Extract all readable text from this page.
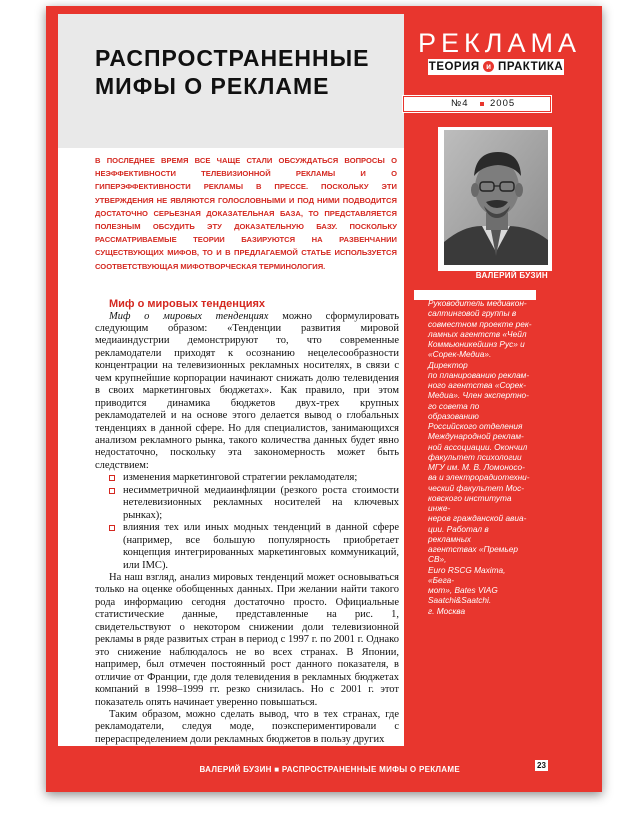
РАСПРОСТРАНЕННЫЕ
МИФЫ О РЕКЛАМЕ
РЕКЛАМА
ТЕОРИЯ и ПРАКТИКА
№4 2005
ВАЛЕРИЙ БУЗИН

Руководитель медиакон-
салтинговой группы в
совместном проекте рек-
ламных агентств «Чейл
Коммьюникейшнз Рус» и
«Сорек-Медиа». Директор
по планированию реклам-
ного агентства «Сорек-
Медиа». Член экспертно-
го совета по образованию
Российского отделения
Международной реклам-
ной ассоциации. Окончил
факультет психологии
МГУ им. М. В. Ломоносо-
ва и электрорадиотехни-
ческий факультет Мос-
ковского института инже-
неров гражданской авиа-
ции. Работал в рекламных
агентствах «Премьер СВ»,
Euro RSCG Maxima, «Бега-
мот», Bates VIAG
Saatchi&Saatchi.
г. Москва

В ПОСЛЕДНЕЕ ВРЕМЯ ВСЕ ЧАЩЕ СТАЛИ ОБСУЖДАТЬСЯ ВОПРОСЫ О НЕЭФФЕКТИВНОСТИ ТЕЛЕВИЗИОННОЙ РЕКЛАМЫ И О ГИПЕРЭФФЕКТИВНОСТИ РЕКЛАМЫ В ПРЕССЕ. ПОСКОЛЬКУ ЭТИ УТВЕРЖДЕНИЯ НЕ ЯВЛЯЮТСЯ ГОЛОСЛОВНЫМИ И ПОД НИМИ ПОДВОДИТСЯ ДОСТАТОЧНО СЕРЬЕЗНАЯ ДОКАЗАТЕЛЬНАЯ БАЗА, ТО ПРЕДСТАВЛЯЕТСЯ ПОЛЕЗНЫМ ОБСУДИТЬ ЭТУ ДОКАЗАТЕЛЬНУЮ БАЗУ. ПОСКОЛЬКУ РАССМАТРИВАЕМЫЕ ТЕОРИИ БАЗИРУЮТСЯ НА РАЗВЕНЧАНИИ СУЩЕСТВУЮЩИХ МИФОВ, ТО И В ПРЕДЛАГАЕМОЙ СТАТЬЕ ИСПОЛЬЗУЕТСЯ СООТВЕТСТВУЮЩАЯ МИФОТВОРЧЕСКАЯ ТЕРМИНОЛОГИЯ.

Миф о мировых тенденциях

Миф о мировых тенденциях можно сформулировать следующим образом: «Тенденции развития мировой медиаиндустрии демонстрируют то, что современные рекламодатели приходят к осознанию нецелесообразности концентрации на телевизионных рекламных носителях, в связи с чем крупнейшие корпорации начинают снижать долю телевидения в своих маркетинговых бюджетах». Как правило, при этом приводится динамика бюджетов двух-трех крупных рекламодателей и на основе этого делается вывод о глобальных тенденциях в данной сфере. Но для специалистов, занимающихся анализом рекламного рынка, такого количества данных будет явно недостаточно, поскольку эта закономерность может быть следствием:

изменения маркетинговой стратегии рекламодателя;
несимметричной медиаинфляции (резкого роста стоимости нетелевизионных рекламных носителей на ключевых рынках);
влияния тех или иных модных тенденций в данной сфере (например, все большую популярность приобретает концепция интегрированных маркетинговых коммуникаций, или IMC).

На наш взгляд, анализ мировых тенденций может основываться только на оценке обобщенных данных. При желании найти такого рода информацию сегодня достаточно просто. Официальные статистические данные, представленные на рис. 1, свидетельствуют о некотором снижении доли телевизионной рекламы в ряде развитых стран в период с 1997 г. по 2001 г. Однако это снижение наблюдалось не во всех странах. В Японии, например, был отмечен постоянный рост данного показателя, в отличие от Франции, где доля телевидения в рекламных бюджетах компаний в 1998–1999 гг. резко снизилась. Но с 2001 г. этот показатель опять начинает уверенно повышаться.

Таким образом, можно сделать вывод, что в тех странах, где рекламодатели, следуя моде, поэкспериментировали с перераспределением доли рекламных бюджетов в пользу других

ВАЛЕРИЙ БУЗИН ■ РАСПРОСТРАНЕННЫЕ МИФЫ О РЕКЛАМЕ	23
